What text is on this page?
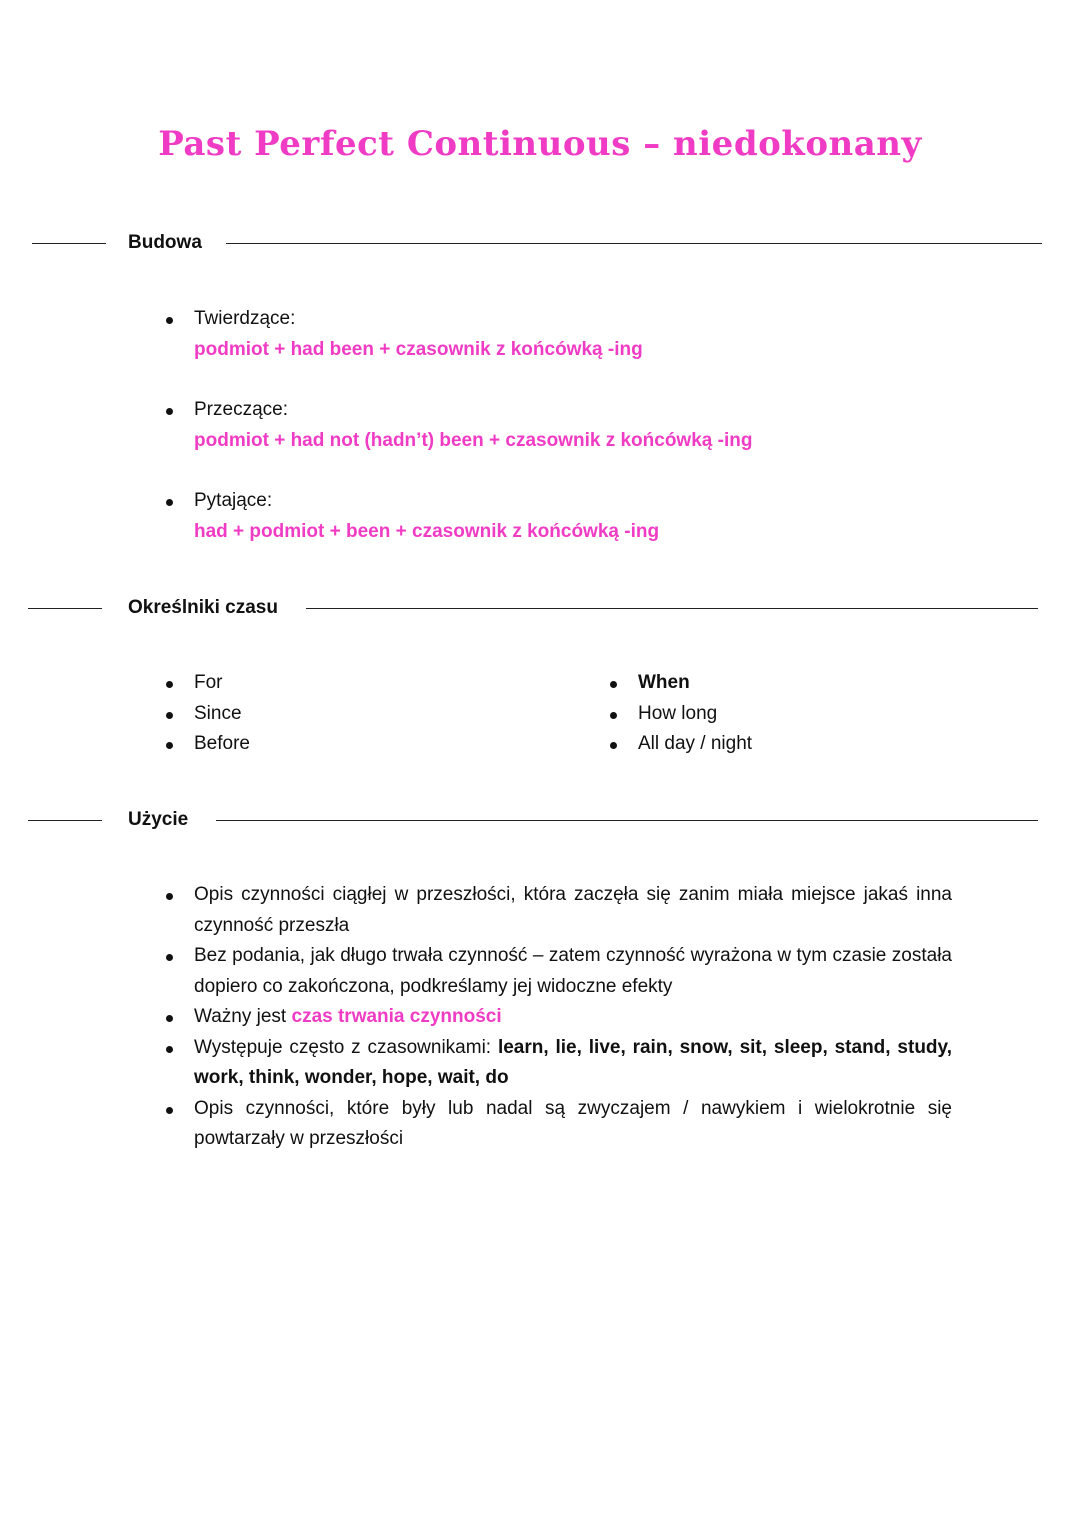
Past Perfect Continuous – niedokonany
Budowa
Twierdzące:
podmiot + had been + czasownik z końcówką -ing
Przeczące:
podmiot + had not (hadn’t) been + czasownik z końcówką -ing
Pytające:
had + podmiot + been + czasownik z końcówką -ing
Określniki czasu
For
Since
Before
When
How long
All day / night
Użycie
Opis czynności ciągłej w przeszłości, która zaczęła się zanim miała miejsce jakaś inna czynność przeszła
Bez podania, jak długo trwała czynność – zatem czynność wyrażona w tym czasie została dopiero co zakończona, podkreślamy jej widoczne efekty
Ważny jest czas trwania czynności
Występuje często z czasownikami: learn, lie, live, rain, snow, sit, sleep, stand, study, work, think, wonder, hope, wait, do
Opis czynności, które były lub nadal są zwyczajem / nawykiem i wielokrotnie się powtarzały w przeszłości
